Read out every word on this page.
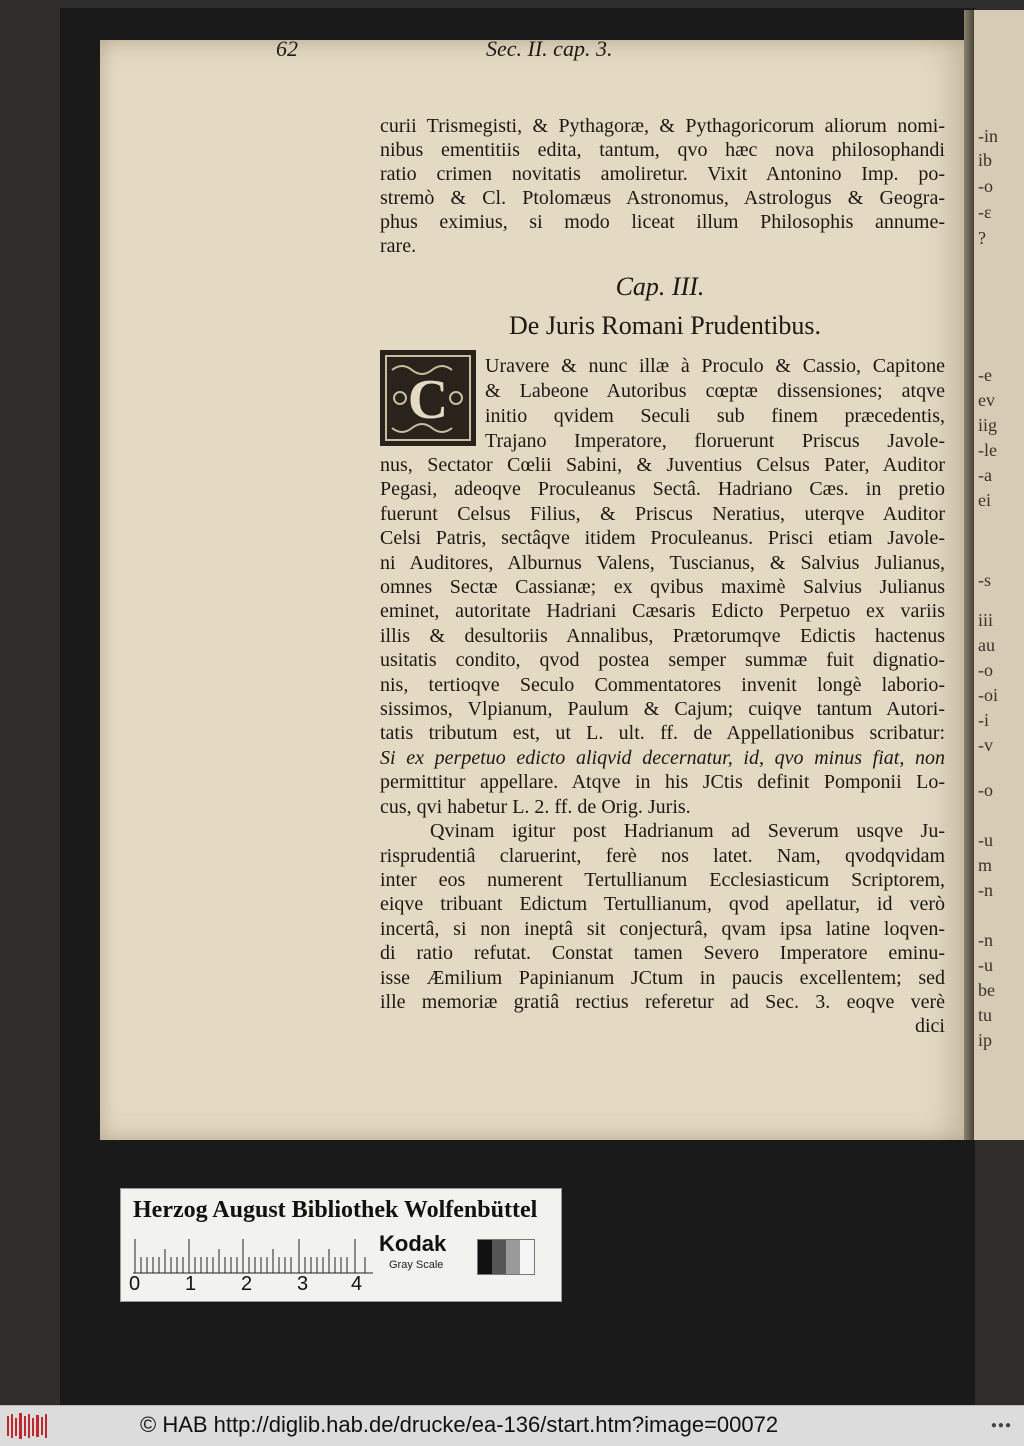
-in
ib
-o
-ε
?
-e
ev
iig
-le
-a
ei
-s
iii
au
-o
-oi
-i
-v
-o
-u
m
-n
-n
-u
be
tu
ip
62	Sec. II. cap. 3.
curii Trismegisti, & Pythagoræ, & Pythagoricorum aliorum nomi-
nibus ementitiis edita, tantum, qvo hæc nova philosophandi
ratio crimen novitatis amoliretur. Vixit Antonino Imp. po-
stremò & Cl. Ptolomæus Astronomus, Astrologus & Geogra-
phus eximius, si modo liceat illum Philosophis annume-
rare.
Cap. III.
De Juris Romani Prudentibus.
C
Uravere & nunc illæ à Proculo & Cassio, Capitone
& Labeone Autoribus cœptæ dissensiones; atqve
initio qvidem Seculi sub finem præcedentis,
Trajano Imperatore, floruerunt Priscus Javole-
nus, Sectator Cœlii Sabini, & Juventius Celsus Pater, Auditor
Pegasi, adeoqve Proculeanus Sectâ. Hadriano Cæs. in pretio
fuerunt Celsus Filius, & Priscus Neratius, uterqve Auditor
Celsi Patris, sectâqve itidem Proculeanus. Prisci etiam Javole-
ni Auditores, Alburnus Valens, Tuscianus, & Salvius Julianus,
omnes Sectæ Cassianæ; ex qvibus maximè Salvius Julianus
eminet, autoritate Hadriani Cæsaris Edicto Perpetuo ex variis
illis & desultoriis Annalibus, Prætorumqve Edictis hactenus
usitatis condito, qvod postea semper summæ fuit dignatio-
nis, tertioqve Seculo Commentatores invenit longè laborio-
sissimos, Vlpianum, Paulum & Cajum; cuiqve tantum Autori-
tatis tributum est, ut L. ult. ff. de Appellationibus scribatur:
Si ex perpetuo edicto aliqvid decernatur, id, qvo minus fiat, non
permittitur appellare. Atqve in his JCtis definit Pomponii Lo-
cus, qvi habetur L. 2. ff. de Orig. Juris.
Qvinam igitur post Hadrianum ad Severum usqve Ju-
risprudentiâ claruerint, ferè nos latet. Nam, qvodqvidam
inter eos numerent Tertullianum Ecclesiasticum Scriptorem,
eiqve tribuant Edictum Tertullianum, qvod apellatur, id verò
incertâ, si non ineptâ sit conjecturâ, qvam ipsa latine loqven-
di ratio refutat. Constat tamen Severo Imperatore eminu-
isse Æmilium Papinianum JCtum in paucis excellentem; sed
ille memoriæ gratiâ rectius referetur ad Sec. 3. eoqve verè
dici
Herzog August Bibliothek Wolfenbüttel
0 1 2 3 4
Kodak
Gray Scale
© HAB http://diglib.hab.de/drucke/ea-136/start.htm?image=00072	●●●
